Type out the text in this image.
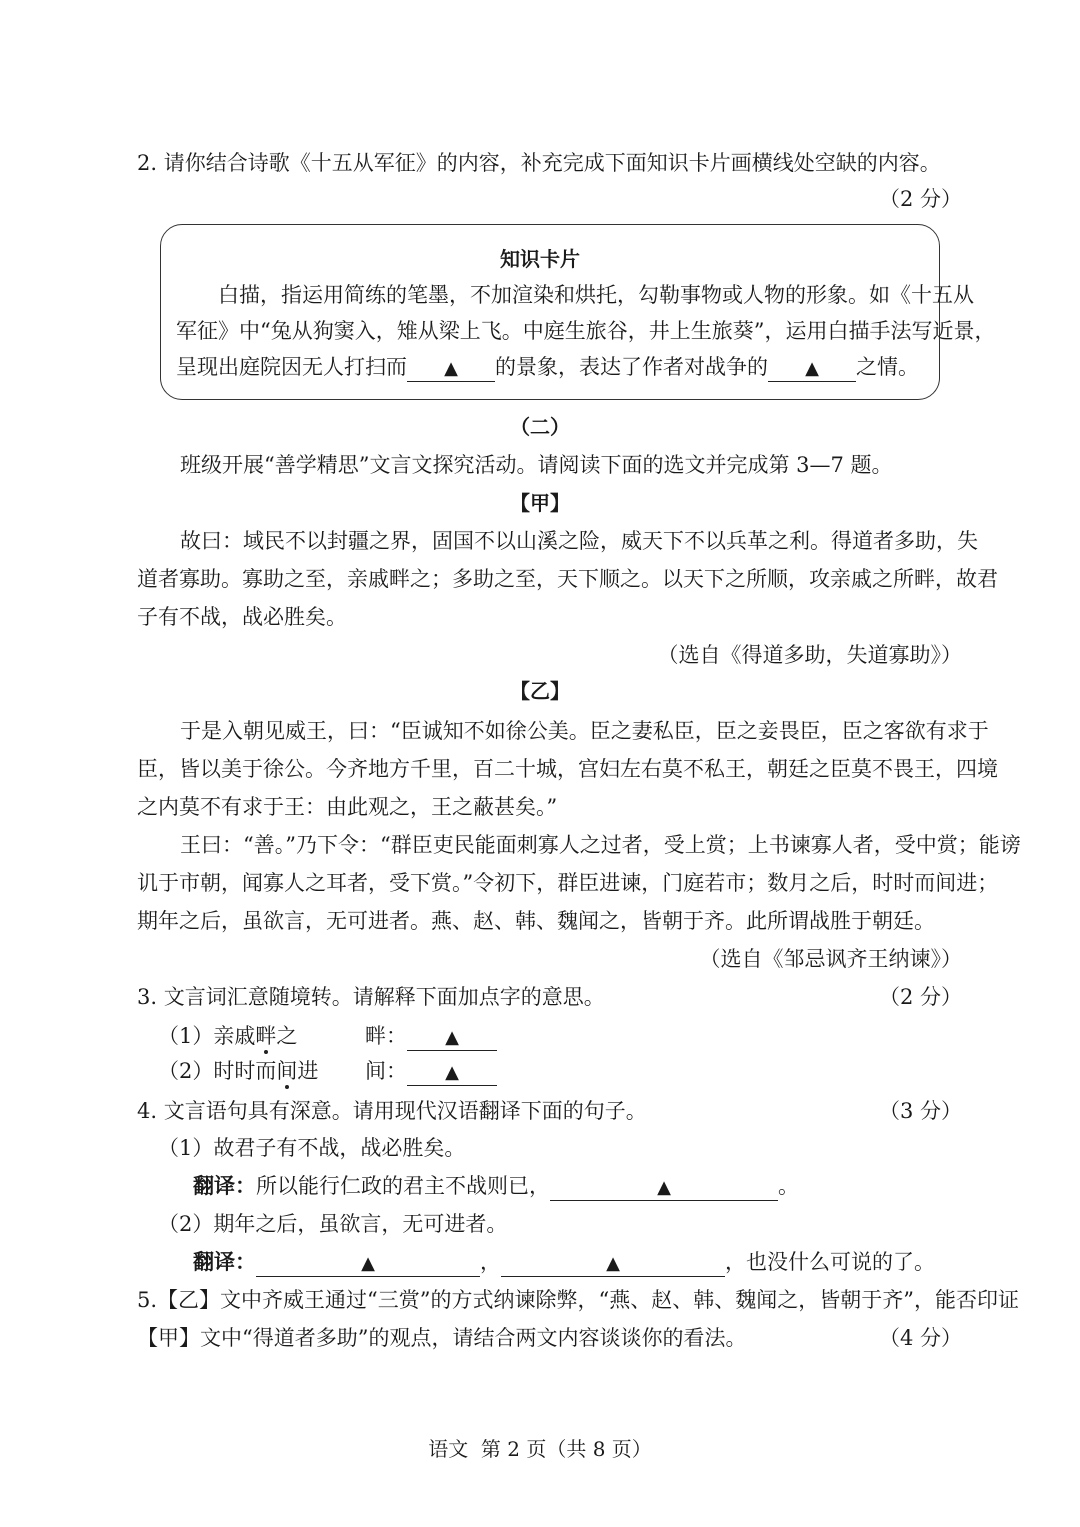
2. 请你结合诗歌《十五从军征》的内容，补充完成下面知识卡片画横线处空缺的内容。
（2 分）
知识卡片
白描，指运用简练的笔墨，不加渲染和烘托，勾勒事物或人物的形象。如《十五从
军征》中“兔从狗窦入，雉从梁上飞。中庭生旅谷，井上生旅葵”，运用白描手法写近景，
呈现出庭院因无人打扫而 ▲ 的景象，表达了作者对战争的 ▲ 之情。
（二）
班级开展“善学精思”文言文探究活动。请阅读下面的选文并完成第 3—7 题。
【甲】
故曰：域民不以封疆之界，固国不以山溪之险，威天下不以兵革之利。得道者多助，失
道者寡助。寡助之至，亲戚畔之；多助之至，天下顺之。以天下之所顺，攻亲戚之所畔，故君
子有不战，战必胜矣。
（选自《得道多助，失道寡助》）
【乙】
于是入朝见威王，曰：“臣诚知不如徐公美。臣之妻私臣，臣之妾畏臣，臣之客欲有求于
臣，皆以美于徐公。今齐地方千里，百二十城，宫妇左右莫不私王，朝廷之臣莫不畏王，四境
之内莫不有求于王：由此观之，王之蔽甚矣。”
王曰：“善。”乃下令：“群臣吏民能面刺寡人之过者，受上赏；上书谏寡人者，受中赏；能谤
讥于市朝，闻寡人之耳者，受下赏。”令初下，群臣进谏，门庭若市；数月之后，时时而间进；
期年之后，虽欲言，无可进者。燕、赵、韩、魏闻之，皆朝于齐。此所谓战胜于朝廷。
（选自《邹忌讽齐王纳谏》）
3. 文言词汇意随境转。请解释下面加点字的意思。	（2 分）
（1）亲戚畔之	畔： ▲
（2）时时而间进 间： ▲
4. 文言语句具有深意。请用现代汉语翻译下面的句子。	（3 分）
（1）故君子有不战，战必胜矣。
翻译：所以能行仁政的君主不战则已，	▲	。
（2）期年之后，虽欲言，无可进者。
翻译：	▲	，	▲	，也没什么可说的了。
5.【乙】文中齐威王通过“三赏”的方式纳谏除弊，“燕、赵、韩、魏闻之，皆朝于齐”，能否印证
【甲】文中“得道者多助”的观点，请结合两文内容谈谈你的看法。	（4 分）
语文  第 2 页（共 8 页）
